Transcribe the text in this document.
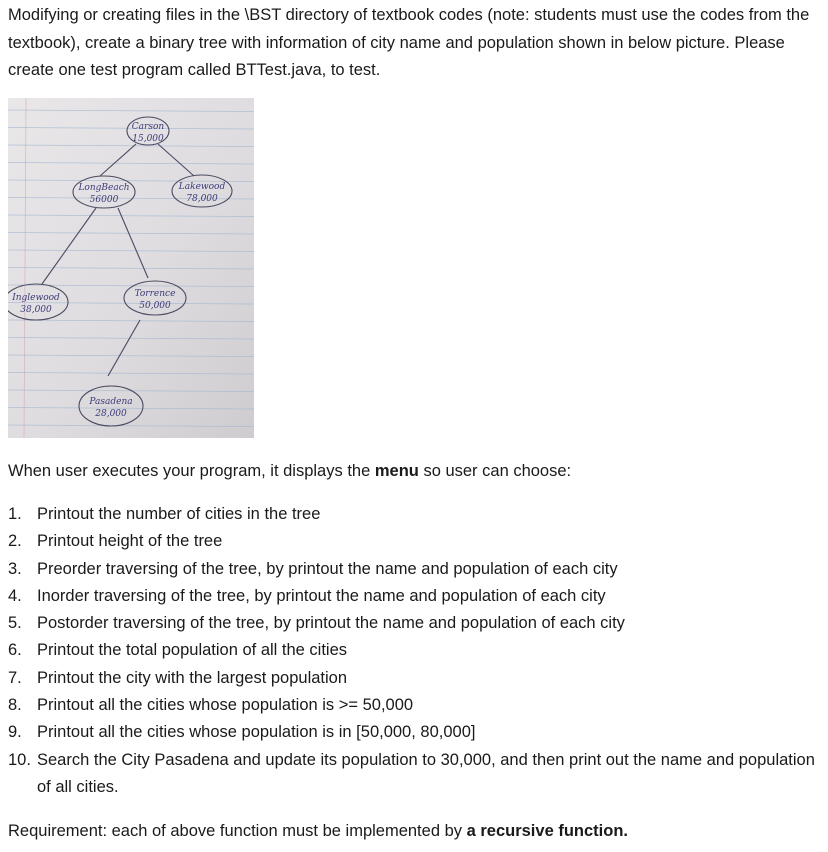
Modifying or creating files in the \BST directory of textbook codes (note: students must use the codes from the textbook), create a binary tree with information of city name and population shown in below picture. Please create one test program called BTTest.java, to test.

Carson
15,000
LongBeach
56000
Lakewood
78,000
Inglewood
38,000
Torrence
50,000
Pasadena
28,000

When user executes your program, it displays the menu so user can choose:

1. Printout the number of cities in the tree
2. Printout height of the tree
3. Preorder traversing of the tree, by printout the name and population of each city
4. Inorder traversing of the tree, by printout the name and population of each city
5. Postorder traversing of the tree, by printout the name and population of each city
6. Printout the total population of all the cities
7. Printout the city with the largest population
8. Printout all the cities whose population is >= 50,000
9. Printout all the cities whose population is in [50,000, 80,000]
10. Search the City Pasadena and update its population to 30,000, and then print out the name and population of all cities.

Requirement: each of above function must be implemented by a recursive function.
